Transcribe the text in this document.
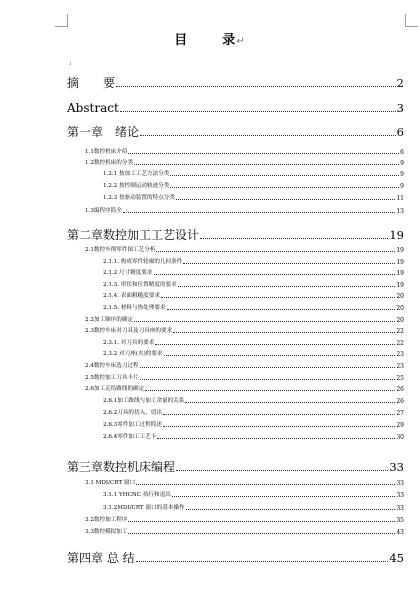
目	录↵
↓
摘　　要	2
Abstract	3
第一章　绪论	6
1.1数控机床介绍	6
1.2数控机床的分类	9
1.2.1 按加工工艺方法分类	9
1.2.2 按控制运动轨迹分类	9
1.2.3 按驱动装置的特点分类	11
1.3编程序简介	13
第二章数控加工工艺设计	19
2.1数控车削零件图工艺分析	19
2.1.1. 构成零件轮廓的几何条件	19
2.1.2 尺寸精度要求	19
2.1.3. 形状和位置精度的要求	19
2.1.4. 表面粗糙度要求	20
2.1.5. 材料与热处理要求	20
2.2加工顺序的确定	20
2.3数控车床对刀具及刀具座的要求	22
2.3.1. 对刀具的要求	22
2.3.2 对刀座(夹)的要求	23
2.4数控车床选刀过程	23
2.5数控加工刀具卡片	25
2.6加工走给路线的确定	26
2.6.1加工路线与加工余量的关系	26
2.6.2刀具的切入、切出	27
2.6.3零件加工过程简述	29
2.6.4零件加工工艺卡	30
第三章数控机床编程	33
3.1 MDI/CRT 窗口	33
3.1.1 YHCNC 执行和退出	33
3.1.2MDI/CRT 窗口的基本操作	33
3.2数控加工程序	35
3.3数控模拟加工	43
第四章 总 结	45
